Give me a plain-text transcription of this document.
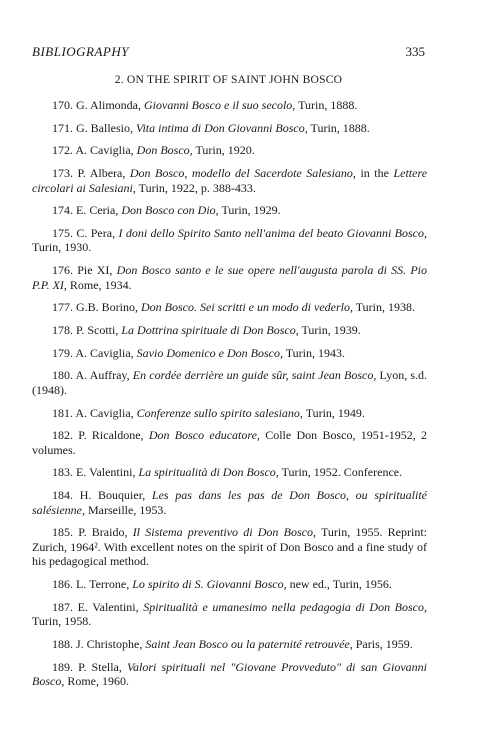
BIBLIOGRAPHY	335
2. ON THE SPIRIT OF SAINT JOHN BOSCO
170. G. Alimonda, Giovanni Bosco e il suo secolo, Turin, 1888.
171. G. Ballesio, Vita intima di Don Giovanni Bosco, Turin, 1888.
172. A. Caviglia, Don Bosco, Turin, 1920.
173. P. Albera, Don Bosco, modello del Sacerdote Salesiano, in the Lettere circolari ai Salesiani, Turin, 1922, p. 388-433.
174. E. Ceria, Don Bosco con Dio, Turin, 1929.
175. C. Pera, I doni dello Spirito Santo nell'anima del beato Giovanni Bosco, Turin, 1930.
176. Pie XI, Don Bosco santo e le sue opere nell'augusta parola di SS. Pio P.P. XI, Rome, 1934.
177. G.B. Borino, Don Bosco. Sei scritti e un modo di vederlo, Turin, 1938.
178. P. Scotti, La Dottrina spirituale di Don Bosco, Turin, 1939.
179. A. Caviglia, Savio Domenico e Don Bosco, Turin, 1943.
180. A. Auffray, En cordée derrière un guide sûr, saint Jean Bosco, Lyon, s.d. (1948).
181. A. Caviglia, Conferenze sullo spirito salesiano, Turin, 1949.
182. P. Ricaldone, Don Bosco educatore, Colle Don Bosco, 1951-1952, 2 volumes.
183. E. Valentini, La spiritualità di Don Bosco, Turin, 1952. Conference.
184. H. Bouquier, Les pas dans les pas de Don Bosco, ou spiritualité salésienne, Marseille, 1953.
185. P. Braido, Il Sistema preventivo di Don Bosco, Turin, 1955. Reprint: Zurich, 1964². With excellent notes on the spirit of Don Bosco and a fine study of his pedagogical method.
186. L. Terrone, Lo spirito di S. Giovanni Bosco, new ed., Turin, 1956.
187. E. Valentini, Spiritualità e umanesimo nella pedagogia di Don Bosco, Turin, 1958.
188. J. Christophe, Saint Jean Bosco ou la paternité retrouvée, Paris, 1959.
189. P. Stella, Valori spirituali nel "Giovane Provveduto" di san Giovanni Bosco, Rome, 1960.
